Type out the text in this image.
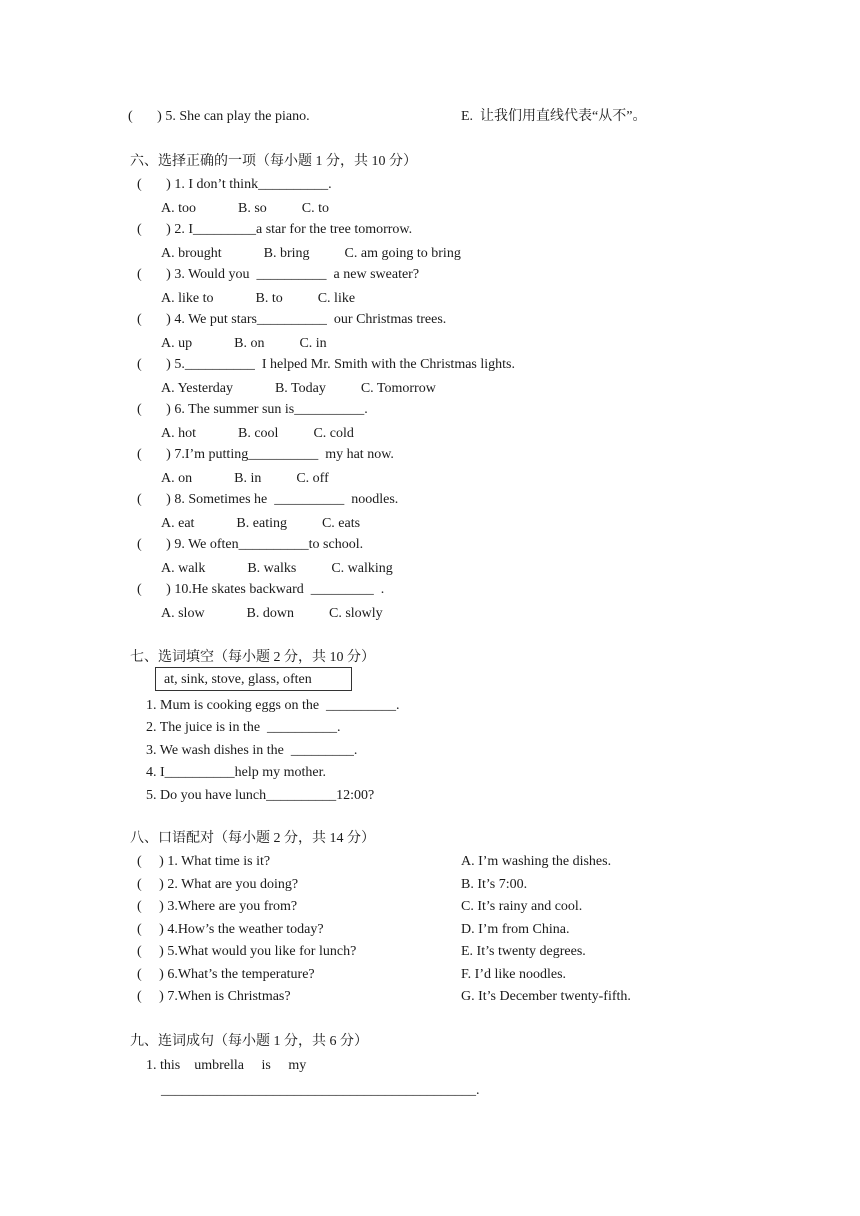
(       ) 5. She can play the piano.	E.  让我们用直线代表“从不”。
六、选择正确的一项（每小题 1 分，共 10 分）
(       ) 1. I don’t think__________.
A. too            B. so          C. to
(       ) 2. I_________a star for the tree tomorrow.
A. brought            B. bring          C. am going to bring
(       ) 3. Would you  __________  a new sweater?
A. like to            B. to          C. like
(       ) 4. We put stars__________  our Christmas trees.
A. up            B. on          C. in
(       ) 5.__________  I helped Mr. Smith with the Christmas lights.
A. Yesterday            B. Today          C. Tomorrow
(       ) 6. The summer sun is__________.
A. hot            B. cool          C. cold
(       ) 7.I’m putting__________  my hat now.
A. on            B. in          C. off
(       ) 8. Sometimes he  __________  noodles.
A. eat            B. eating          C. eats
(       ) 9. We often__________to school.
A. walk            B. walks          C. walking
(       ) 10.He skates backward  _________  .
A. slow            B. down          C. slowly
七、选词填空（每小题 2 分，共 10 分）
at, sink, stove, glass, often
1. Mum is cooking eggs on the  __________.
2. The juice is in the  __________.
3. We wash dishes in the  _________.
4. I__________help my mother.
5. Do you have lunch__________12:00?
八、口语配对（每小题 2 分，共 14 分）
(     ) 1. What time is it?
(     ) 2. What are you doing?
(     ) 3.Where are you from?
(     ) 4.How’s the weather today?
(     ) 5.What would you like for lunch?
(     ) 6.What’s the temperature?
(     ) 7.When is Christmas?
A. I’m washing the dishes.
B. It’s 7:00.
C. It’s rainy and cool.
D. I’m from China.
E. It’s twenty degrees.
F. I’d like noodles.
G. It’s December twenty-fifth.
九、连词成句（每小题 1 分，共 6 分）
1. this    umbrella     is     my
_____________________________________________.
